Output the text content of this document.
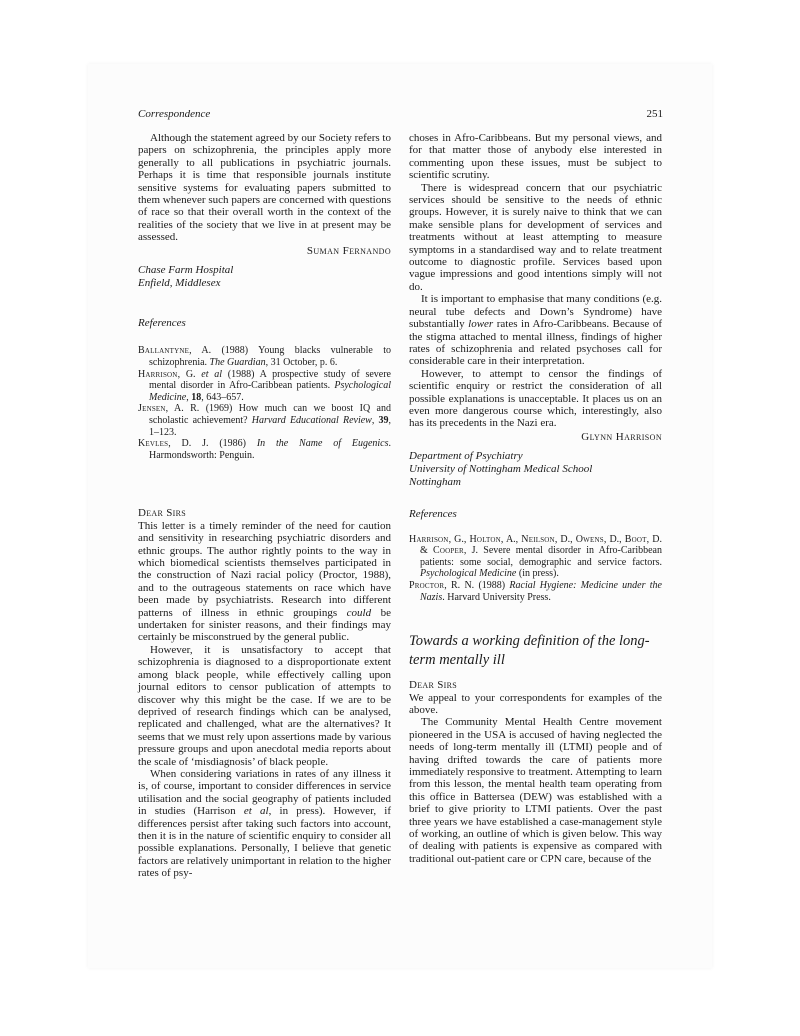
Correspondence	251
Although the statement agreed by our Society refers to papers on schizophrenia, the principles apply more generally to all publications in psychiatric journals. Perhaps it is time that responsible journals institute sensitive systems for evaluating papers submitted to them whenever such papers are concerned with questions of race so that their overall worth in the context of the realities of the society that we live in at present may be assessed.
Suman Fernando
Chase Farm Hospital
Enfield, Middlesex
References
Ballantyne, A. (1988) Young blacks vulnerable to schizophrenia. The Guardian, 31 October, p. 6.
Harrison, G. et al (1988) A prospective study of severe mental disorder in Afro-Caribbean patients. Psychological Medicine, 18, 643–657.
Jensen, A. R. (1969) How much can we boost IQ and scholastic achievement? Harvard Educational Review, 39, 1–123.
Kevles, D. J. (1986) In the Name of Eugenics. Harmondsworth: Penguin.
Dear Sirs
This letter is a timely reminder of the need for caution and sensitivity in researching psychiatric disorders and ethnic groups. The author rightly points to the way in which biomedical scientists themselves participated in the construction of Nazi racial policy (Proctor, 1988), and to the outrageous statements on race which have been made by psychiatrists. Research into different patterns of illness in ethnic groupings could be undertaken for sinister reasons, and their findings may certainly be misconstrued by the general public.
However, it is unsatisfactory to accept that schizophrenia is diagnosed to a disproportionate extent among black people, while effectively calling upon journal editors to censor publication of attempts to discover why this might be the case. If we are to be deprived of research findings which can be analysed, replicated and challenged, what are the alternatives? It seems that we must rely upon assertions made by various pressure groups and upon anecdotal media reports about the scale of ‘misdiagnosis’ of black people.
When considering variations in rates of any illness it is, of course, important to consider differences in service utilisation and the social geography of patients included in studies (Harrison et al, in press). However, if differences persist after taking such factors into account, then it is in the nature of scientific enquiry to consider all possible explanations. Personally, I believe that genetic factors are relatively unimportant in relation to the higher rates of psy-
choses in Afro-Caribbeans. But my personal views, and for that matter those of anybody else interested in commenting upon these issues, must be subject to scientific scrutiny.
There is widespread concern that our psychiatric services should be sensitive to the needs of ethnic groups. However, it is surely naive to think that we can make sensible plans for development of services and treatments without at least attempting to measure symptoms in a standardised way and to relate treatment outcome to diagnostic profile. Services based upon vague impressions and good intentions simply will not do.
It is important to emphasise that many conditions (e.g. neural tube defects and Down’s Syndrome) have substantially lower rates in Afro-Caribbeans. Because of the stigma attached to mental illness, findings of higher rates of schizophrenia and related psychoses call for considerable care in their interpretation.
However, to attempt to censor the findings of scientific enquiry or restrict the consideration of all possible explanations is unacceptable. It places us on an even more dangerous course which, interestingly, also has its precedents in the Nazi era.
Glynn Harrison
Department of Psychiatry
University of Nottingham Medical School
Nottingham
References
Harrison, G., Holton, A., Neilson, D., Owens, D., Boot, D. & Cooper, J. Severe mental disorder in Afro-Caribbean patients: some social, demographic and service factors. Psychological Medicine (in press).
Proctor, R. N. (1988) Racial Hygiene: Medicine under the Nazis. Harvard University Press.
Towards a working definition of the long-term mentally ill
Dear Sirs
We appeal to your correspondents for examples of the above.
The Community Mental Health Centre movement pioneered in the USA is accused of having neglected the needs of long-term mentally ill (LTMI) people and of having drifted towards the care of patients more immediately responsive to treatment. Attempting to learn from this lesson, the mental health team operating from this office in Battersea (DEW) was established with a brief to give priority to LTMI patients. Over the past three years we have established a case-management style of working, an outline of which is given below. This way of dealing with patients is expensive as compared with traditional out-patient care or CPN care, because of the
